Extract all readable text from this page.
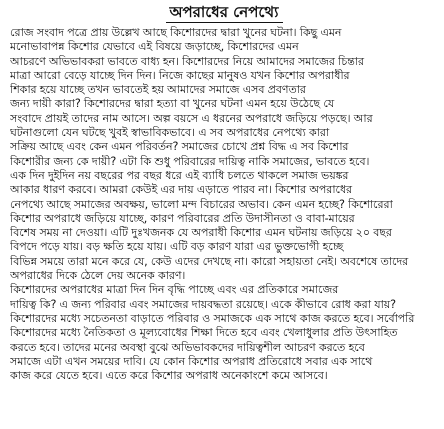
অপরাধের নেপথ্যে
রোজ সংবাদ পত্রে প্রায় উল্লেখ আছে কিশোরদের দ্বারা খুনের ঘটনা। কিছু এমন
মনোভাবাপন্ন কিশোর যেভাবে এই বিষয়ে জড়াচ্ছে, কিশোরদের এমন
আচরণে অভিভাবকরা ভাবতে বাধ্য হন। কিশোরদের নিয়ে আমাদের সমাজের চিন্তার
মাত্রা আরো বেড়ে যাচ্ছে দিন দিন। নিজে কাছের মানুষও যখন কিশোর অপরাধীর
শিকার হয়ে যাচ্ছে তখন ভাবতেই হয় আমাদের সমাজে এসব প্রবণতার
জন্য দায়ী কারা? কিশোরদের দ্বারা হত্যা বা খুনের ঘটনা এমন হয়ে উঠেছে যে
সংবাদে প্রায়ই তাদের নাম আসে। অল্প বয়সে এ ধরনের অপরাধে জড়িয়ে পড়ছে। আর
ঘটনাগুলো যেন ঘটছে খুবই স্বাভাবিকভাবে। এ সব অপরাধের নেপথ্যে কারা
সক্রিয় আছে এবং কেন এমন পরিবর্তন? সমাজের চোখে প্রশ্ন বিদ্ধ এ সব কিশোর
কিশোরীর জন্য কে দায়ী? এটা কি শুধু পরিবারের দায়িত্ব নাকি সমাজের, ভাবতে হবে।
এক দিন দুইদিন নয় বছরের পর বছর ধরে এই ব্যাধি চলতে থাকলে সমাজ ভয়ঙ্কর
আকার ধারণ করবে। আমরা কেউই এর দায় এড়াতে পারব না। কিশোর অপরাধের
নেপথ্যে আছে সমাজের অবক্ষয়, ভালো মন্দ বিচারের অভাব। কেন এমন হচ্ছে? কিশোরেরা
কিশোর অপরাধে জড়িয়ে যাচ্ছে, কারণ পরিবারের প্রতি উদাসীনতা ও বাবা-মায়ের
বিশেষ সময় না দেওয়া। এটি দুঃখজনক যে অপরাধী কিশোর এমন ঘটনায় জড়িয়ে ২০ বছর
বিপদে পড়ে যায়। বড় ক্ষতি হয়ে যায়। এটি বড় কারণ যারা এর ভুক্তভোগী হচ্ছে
বিভিন্ন সময়ে তারা মনে করে যে, কেউ এদের দেখছে না। কারো সহায়তা নেই। অবশেষে তাদের
অপরাধের দিকে ঠেলে দেয় অনেক কারণ।
কিশোরদের অপরাধের মাত্রা দিন দিন বৃদ্ধি পাচ্ছে এবং এর প্রতিকারে সমাজের
দায়িত্ব কি? এ জন্য পরিবার এবং সমাজের দায়বদ্ধতা রয়েছে। একে কীভাবে রোধ করা যায়?
কিশোরদের মধ্যে সচেতনতা বাড়াতে পরিবার ও সমাজকে এক সাথে কাজ করতে হবে। সর্বোপরি
কিশোরদের মধ্যে নৈতিকতা ও মূল্যবোধের শিক্ষা দিতে হবে এবং খেলাধুলার প্রতি উৎসাহিত
করতে হবে। তাদের মনের অবস্থা বুঝে অভিভাবকদের দায়িত্বশীল আচরণ করতে হবে
সমাজে এটা এখন সময়ের দাবি। যে কোন কিশোর অপরাধ প্রতিরোধে সবার এক সাথে
কাজ করে যেতে হবে। এতে করে কিশোর অপরাধ অনেকাংশে কমে আসবে।
